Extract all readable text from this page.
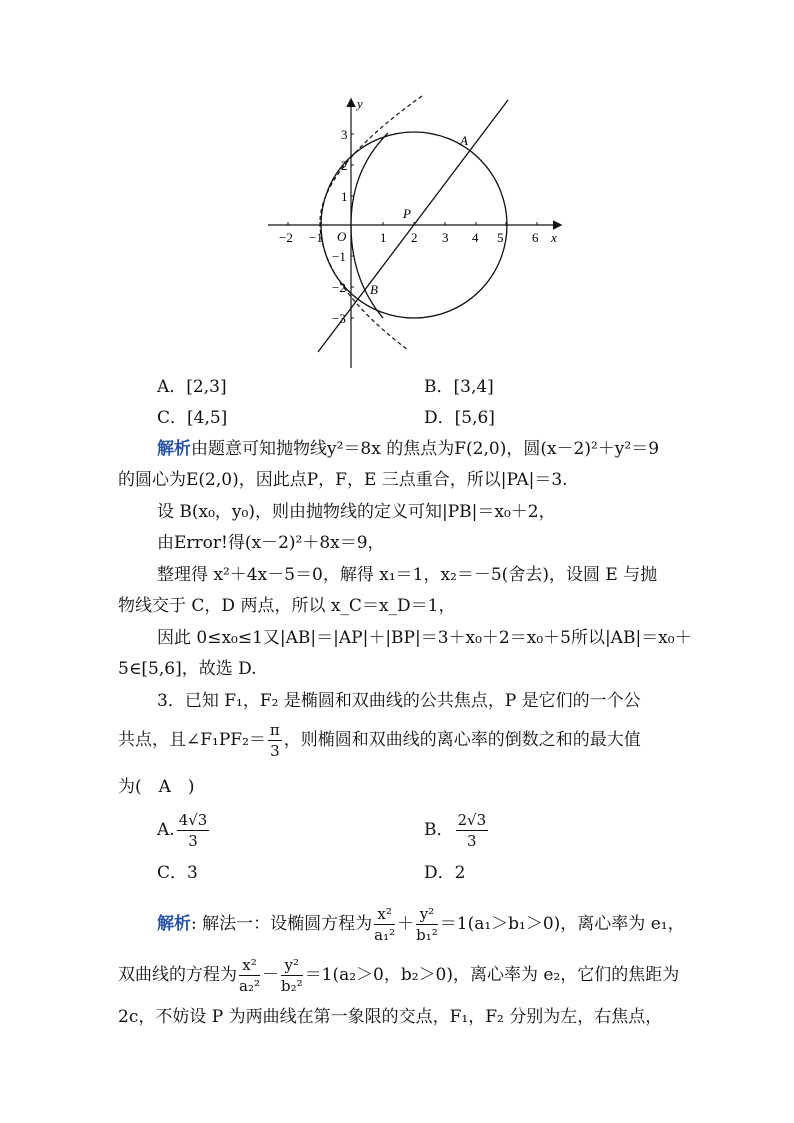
x
y
O
A
B
P
−2 −1	1 2 3 4 5 6
3
2
1
−1
−2
−3
A．[2,3]	B．[3,4]
C．[4,5]	D．[5,6]
解析由题意可知抛物线y²＝8x 的焦点为F(2,0)，圆(x－2)²＋y²＝9
的圆心为E(2,0)，因此点P，F，E 三点重合，所以|PA|＝3.
设 B(x₀，y₀)，则由抛物线的定义可知|PB|＝x₀＋2，
由Error!得(x－2)²＋8x＝9，
整理得 x²＋4x－5＝0，解得 x₁＝1，x₂＝－5(舍去)，设圆 E 与抛
物线交于 C，D 两点，所以 x_C＝x_D＝1，
因此 0≤x₀≤1又|AB|＝|AP|＋|BP|＝3＋x₀＋2＝x₀＋5所以|AB|＝x₀＋
5∈[5,6]，故选 D.
3．已知 F₁，F₂ 是椭圆和双曲线的公共焦点，P 是它们的一个公
共点，且∠F₁PF₂＝ $\frac{\pi}{3}$ ，则椭圆和双曲线的离心率的倒数之和的最大值
为(　A　)
A. $\frac{4√3}{3}$	B． $\frac{2√3}{3}$
C．3	D．2
解析: 解法一：设椭圆方程为 $\frac{\text{x²}}{\text{a₁²}} + \frac{\text{y²}}{\text{b₁²}} =1(a_1>b_1>0)$，离心率为 e₁，
双曲线的方程为 $\frac{\text{x²}}{\text{a₂²}} - \frac{\text{y²}}{\text{b₂²}} =1(a_2>0$，b₂＞0)，离心率为 e₂，它们的焦距为
2c，不妨设 P 为两曲线在第一象限的交点，F₁，F₂ 分别为左，右焦点，
